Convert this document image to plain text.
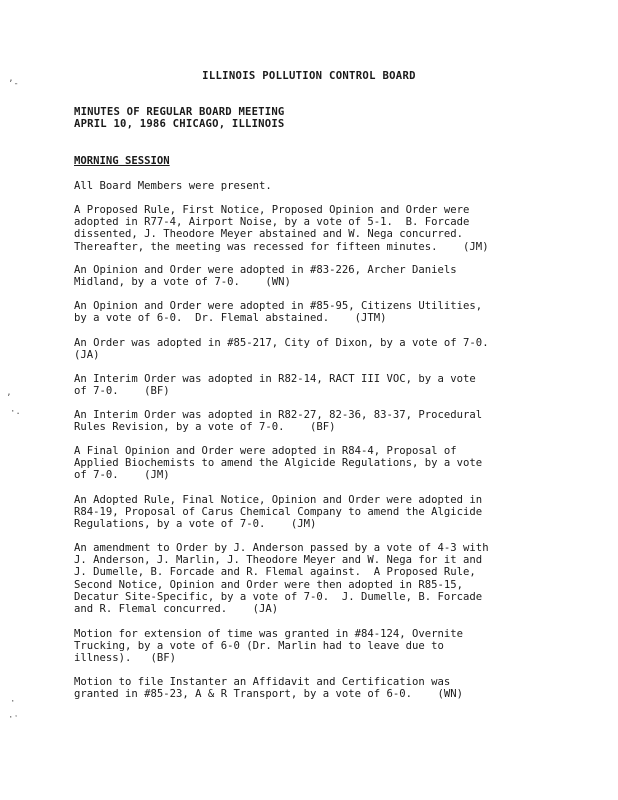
ʼ-
ʼ
·.
·
·ˑ
ILLINOIS POLLUTION CONTROL BOARD
MINUTES OF REGULAR BOARD MEETING
APRIL 10, 1986 CHICAGO, ILLINOIS
MORNING SESSION
All Board Members were present.
A Proposed Rule, First Notice, Proposed Opinion and Order were
adopted in R77-4, Airport Noise, by a vote of 5-1.  B. Forcade
dissented, J. Theodore Meyer abstained and W. Nega concurred.
Thereafter, the meeting was recessed for fifteen minutes.    (JM)
An Opinion and Order were adopted in #83-226, Archer Daniels
Midland, by a vote of 7-0.    (WN)
An Opinion and Order were adopted in #85-95, Citizens Utilities,
by a vote of 6-0.  Dr. Flemal abstained.    (JTM)
An Order was adopted in #85-217, City of Dixon, by a vote of 7-0.
(JA)
An Interim Order was adopted in R82-14, RACT III VOC, by a vote
of 7-0.    (BF)
An Interim Order was adopted in R82-27, 82-36, 83-37, Procedural
Rules Revision, by a vote of 7-0.    (BF)
A Final Opinion and Order were adopted in R84-4, Proposal of
Applied Biochemists to amend the Algicide Regulations, by a vote
of 7-0.    (JM)
An Adopted Rule, Final Notice, Opinion and Order were adopted in
R84-19, Proposal of Carus Chemical Company to amend the Algicide
Regulations, by a vote of 7-0.    (JM)
An amendment to Order by J. Anderson passed by a vote of 4-3 with
J. Anderson, J. Marlin, J. Theodore Meyer and W. Nega for it and
J. Dumelle, B. Forcade and R. Flemal against.  A Proposed Rule,
Second Notice, Opinion and Order were then adopted in R85-15,
Decatur Site-Specific, by a vote of 7-0.  J. Dumelle, B. Forcade
and R. Flemal concurred.    (JA)
Motion for extension of time was granted in #84-124, Overnite
Trucking, by a vote of 6-0 (Dr. Marlin had to leave due to
illness).   (BF)
Motion to file Instanter an Affidavit and Certification was
granted in #85-23, A & R Transport, by a vote of 6-0.    (WN)
